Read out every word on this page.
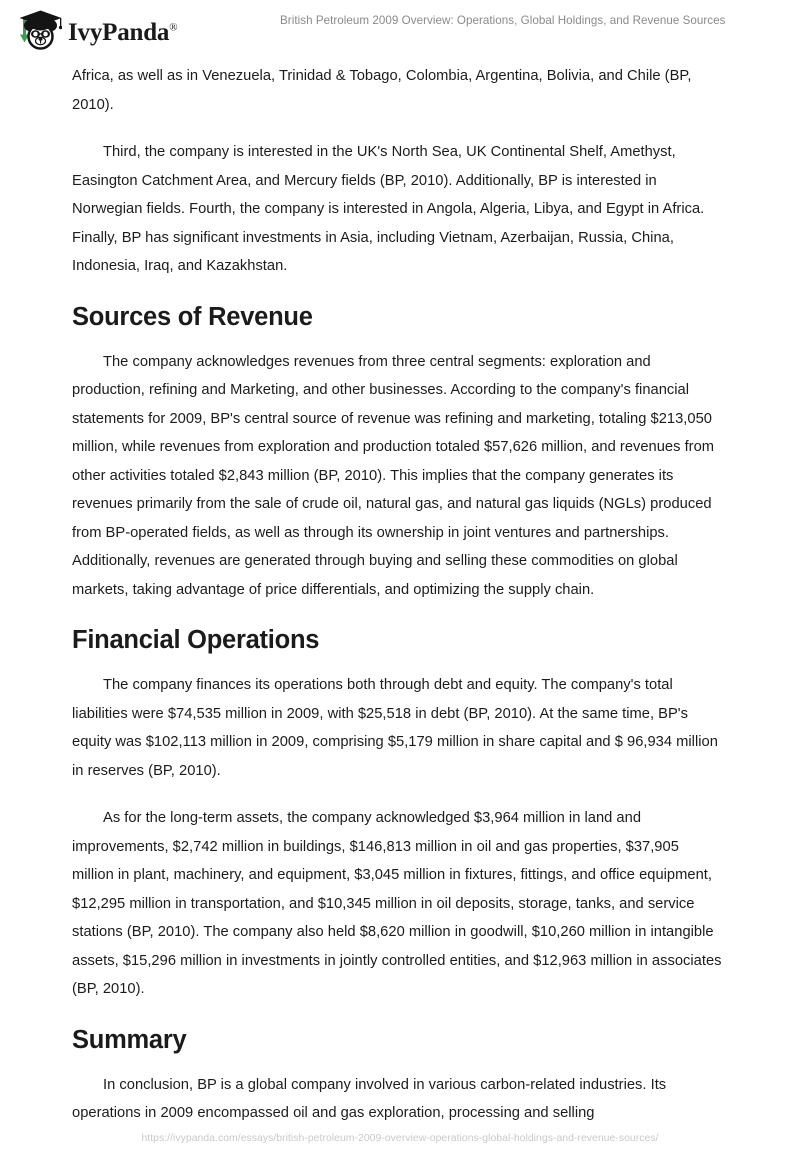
IvyPanda®
British Petroleum 2009 Overview: Operations, Global Holdings, and Revenue Sources

Africa, as well as in Venezuela, Trinidad & Tobago, Colombia, Argentina, Bolivia, and Chile (BP, 2010).

Third, the company is interested in the UK's North Sea, UK Continental Shelf, Amethyst, Easington Catchment Area, and Mercury fields (BP, 2010). Additionally, BP is interested in Norwegian fields. Fourth, the company is interested in Angola, Algeria, Libya, and Egypt in Africa. Finally, BP has significant investments in Asia, including Vietnam, Azerbaijan, Russia, China, Indonesia, Iraq, and Kazakhstan.

Sources of Revenue

The company acknowledges revenues from three central segments: exploration and production, refining and Marketing, and other businesses. According to the company's financial statements for 2009, BP's central source of revenue was refining and marketing, totaling $213,050 million, while revenues from exploration and production totaled $57,626 million, and revenues from other activities totaled $2,843 million (BP, 2010). This implies that the company generates its revenues primarily from the sale of crude oil, natural gas, and natural gas liquids (NGLs) produced from BP-operated fields, as well as through its ownership in joint ventures and partnerships. Additionally, revenues are generated through buying and selling these commodities on global markets, taking advantage of price differentials, and optimizing the supply chain.

Financial Operations

The company finances its operations both through debt and equity. The company's total liabilities were $74,535 million in 2009, with $25,518 in debt (BP, 2010). At the same time, BP's equity was $102,113 million in 2009, comprising $5,179 million in share capital and $ 96,934 million in reserves (BP, 2010).

As for the long-term assets, the company acknowledged $3,964 million in land and improvements, $2,742 million in buildings, $146,813 million in oil and gas properties, $37,905 million in plant, machinery, and equipment, $3,045 million in fixtures, fittings, and office equipment, $12,295 million in transportation, and $10,345 million in oil deposits, storage, tanks, and service stations (BP, 2010). The company also held $8,620 million in goodwill, $10,260 million in intangible assets, $15,296 million in investments in jointly controlled entities, and $12,963 million in associates (BP, 2010).

Summary

In conclusion, BP is a global company involved in various carbon-related industries. Its operations in 2009 encompassed oil and gas exploration, processing and selling

https://ivypanda.com/essays/british-petroleum-2009-overview-operations-global-holdings-and-revenue-sources/
